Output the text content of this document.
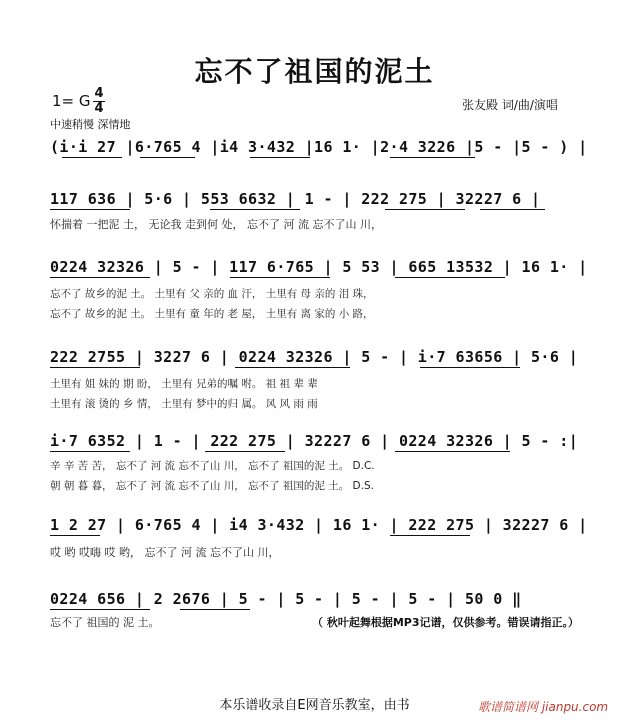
忘不了祖国的泥土
1= G 4
4
中速稍慢 深情地
张友殿 词/曲/演唱
(i·i 27 |6·765 4 |i4 3·432 |16 1· |2·4 3226 |5 - |5 - ) |
117 636 | 5·6 | 553 6632 | 1 - | 222 275 | 32227 6 |
怀揣着 一把泥 土， 无论我 走到何 处， 忘不了 河 流 忘不了山 川，
0224 32326 | 5 - | 117 6·765 | 5 53 | 665 13532 | 16 1· |
忘不了 故乡的泥 土。 土里有 父 亲的 血 汗， 土里有 母 亲的 泪 珠，
忘不了 故乡的泥 土。 土里有 童 年的 老 屋， 土里有 离 家的 小 路，
222 2755 | 3227 6 | 0224 32326 | 5 - | i·7 63656 | 5·6 |
土里有 姐 妹的 期 盼， 土里有 兄弟的嘱 咐。 祖 祖 辈 辈
土里有 滚 烫的 乡 情， 土里有 梦中的归 属。 风 风 雨 雨
i·7 6352 | 1 - | 222 275 | 32227 6 | 0224 32326 | 5 - :|
辛 辛 苦 苦， 忘不了 河 流 忘不了山 川， 忘不了 祖国的泥 土。 D.C.
朝 朝 暮 暮， 忘不了 河 流 忘不了山 川， 忘不了 祖国的泥 土。 D.S.
1 2 27 | 6·765 4 | i4 3·432 | 16 1· | 222 275 | 32227 6 |
哎 哟 哎嗨 哎 哟， 忘不了 河 流 忘不了山 川，
0224 656 | 2 2676 | 5 - | 5 - | 5 - | 5 - | 50 0 ‖
忘不了 祖国的 泥 土。	（ 秋叶起舞根据MP3记谱，仅供参考。错误请指正。）
本乐谱收录自E网音乐教室，由书	歌谱简谱网 jianpu.com
